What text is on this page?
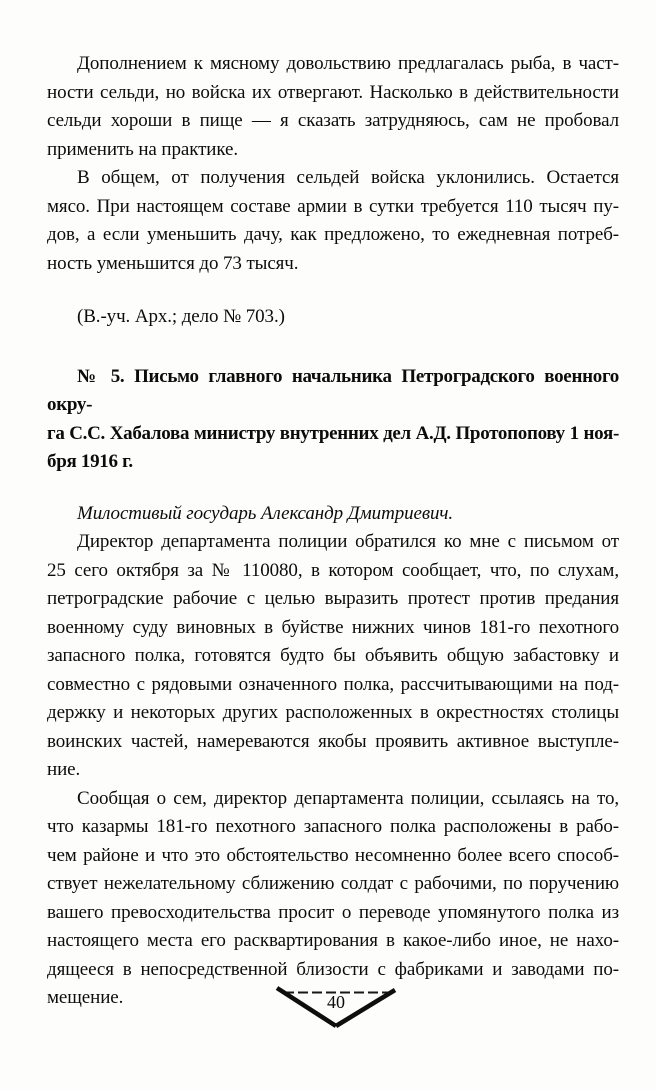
Дополнением к мясному довольствию предлагалась рыба, в част-
ности сельди, но войска их отвергают. Насколько в действительности
сельди хороши в пище — я сказать затрудняюсь, сам не пробовал
применить на практике.
В общем, от получения сельдей войска уклонились. Остается
мясо. При настоящем составе армии в сутки требуется 110 тысяч пу-
дов, а если уменьшить дачу, как предложено, то ежедневная потреб-
ность уменьшится до 73 тысяч.
(В.-уч. Арх.; дело № 703.)
№ 5. Письмо главного начальника Петроградского военного окру-
га С.С. Хабалова министру внутренних дел А.Д. Протопопову 1 ноя-
бря 1916 г.
Милостивый государь Александр Дмитриевич.
Директор департамента полиции обратился ко мне с письмом от
25 сего октября за № 110080, в котором сообщает, что, по слухам,
петроградские рабочие с целью выразить протест против предания
военному суду виновных в буйстве нижних чинов 181-го пехотного
запасного полка, готовятся будто бы объявить общую забастовку и
совместно с рядовыми означенного полка, рассчитывающими на под-
держку и некоторых других расположенных в окрестностях столицы
воинских частей, намереваются якобы проявить активное выступле-
ние.
Сообщая о сем, директор департамента полиции, ссылаясь на то,
что казармы 181-го пехотного запасного полка расположены в рабо-
чем районе и что это обстоятельство несомненно более всего способ-
ствует нежелательному сближению солдат с рабочими, по поручению
вашего превосходительства просит о переводе упомянутого полка из
настоящего места его расквартирования в какое-либо иное, не нахо-
дящееся в непосредственной близости с фабриками и заводами по-
мещение.	40
